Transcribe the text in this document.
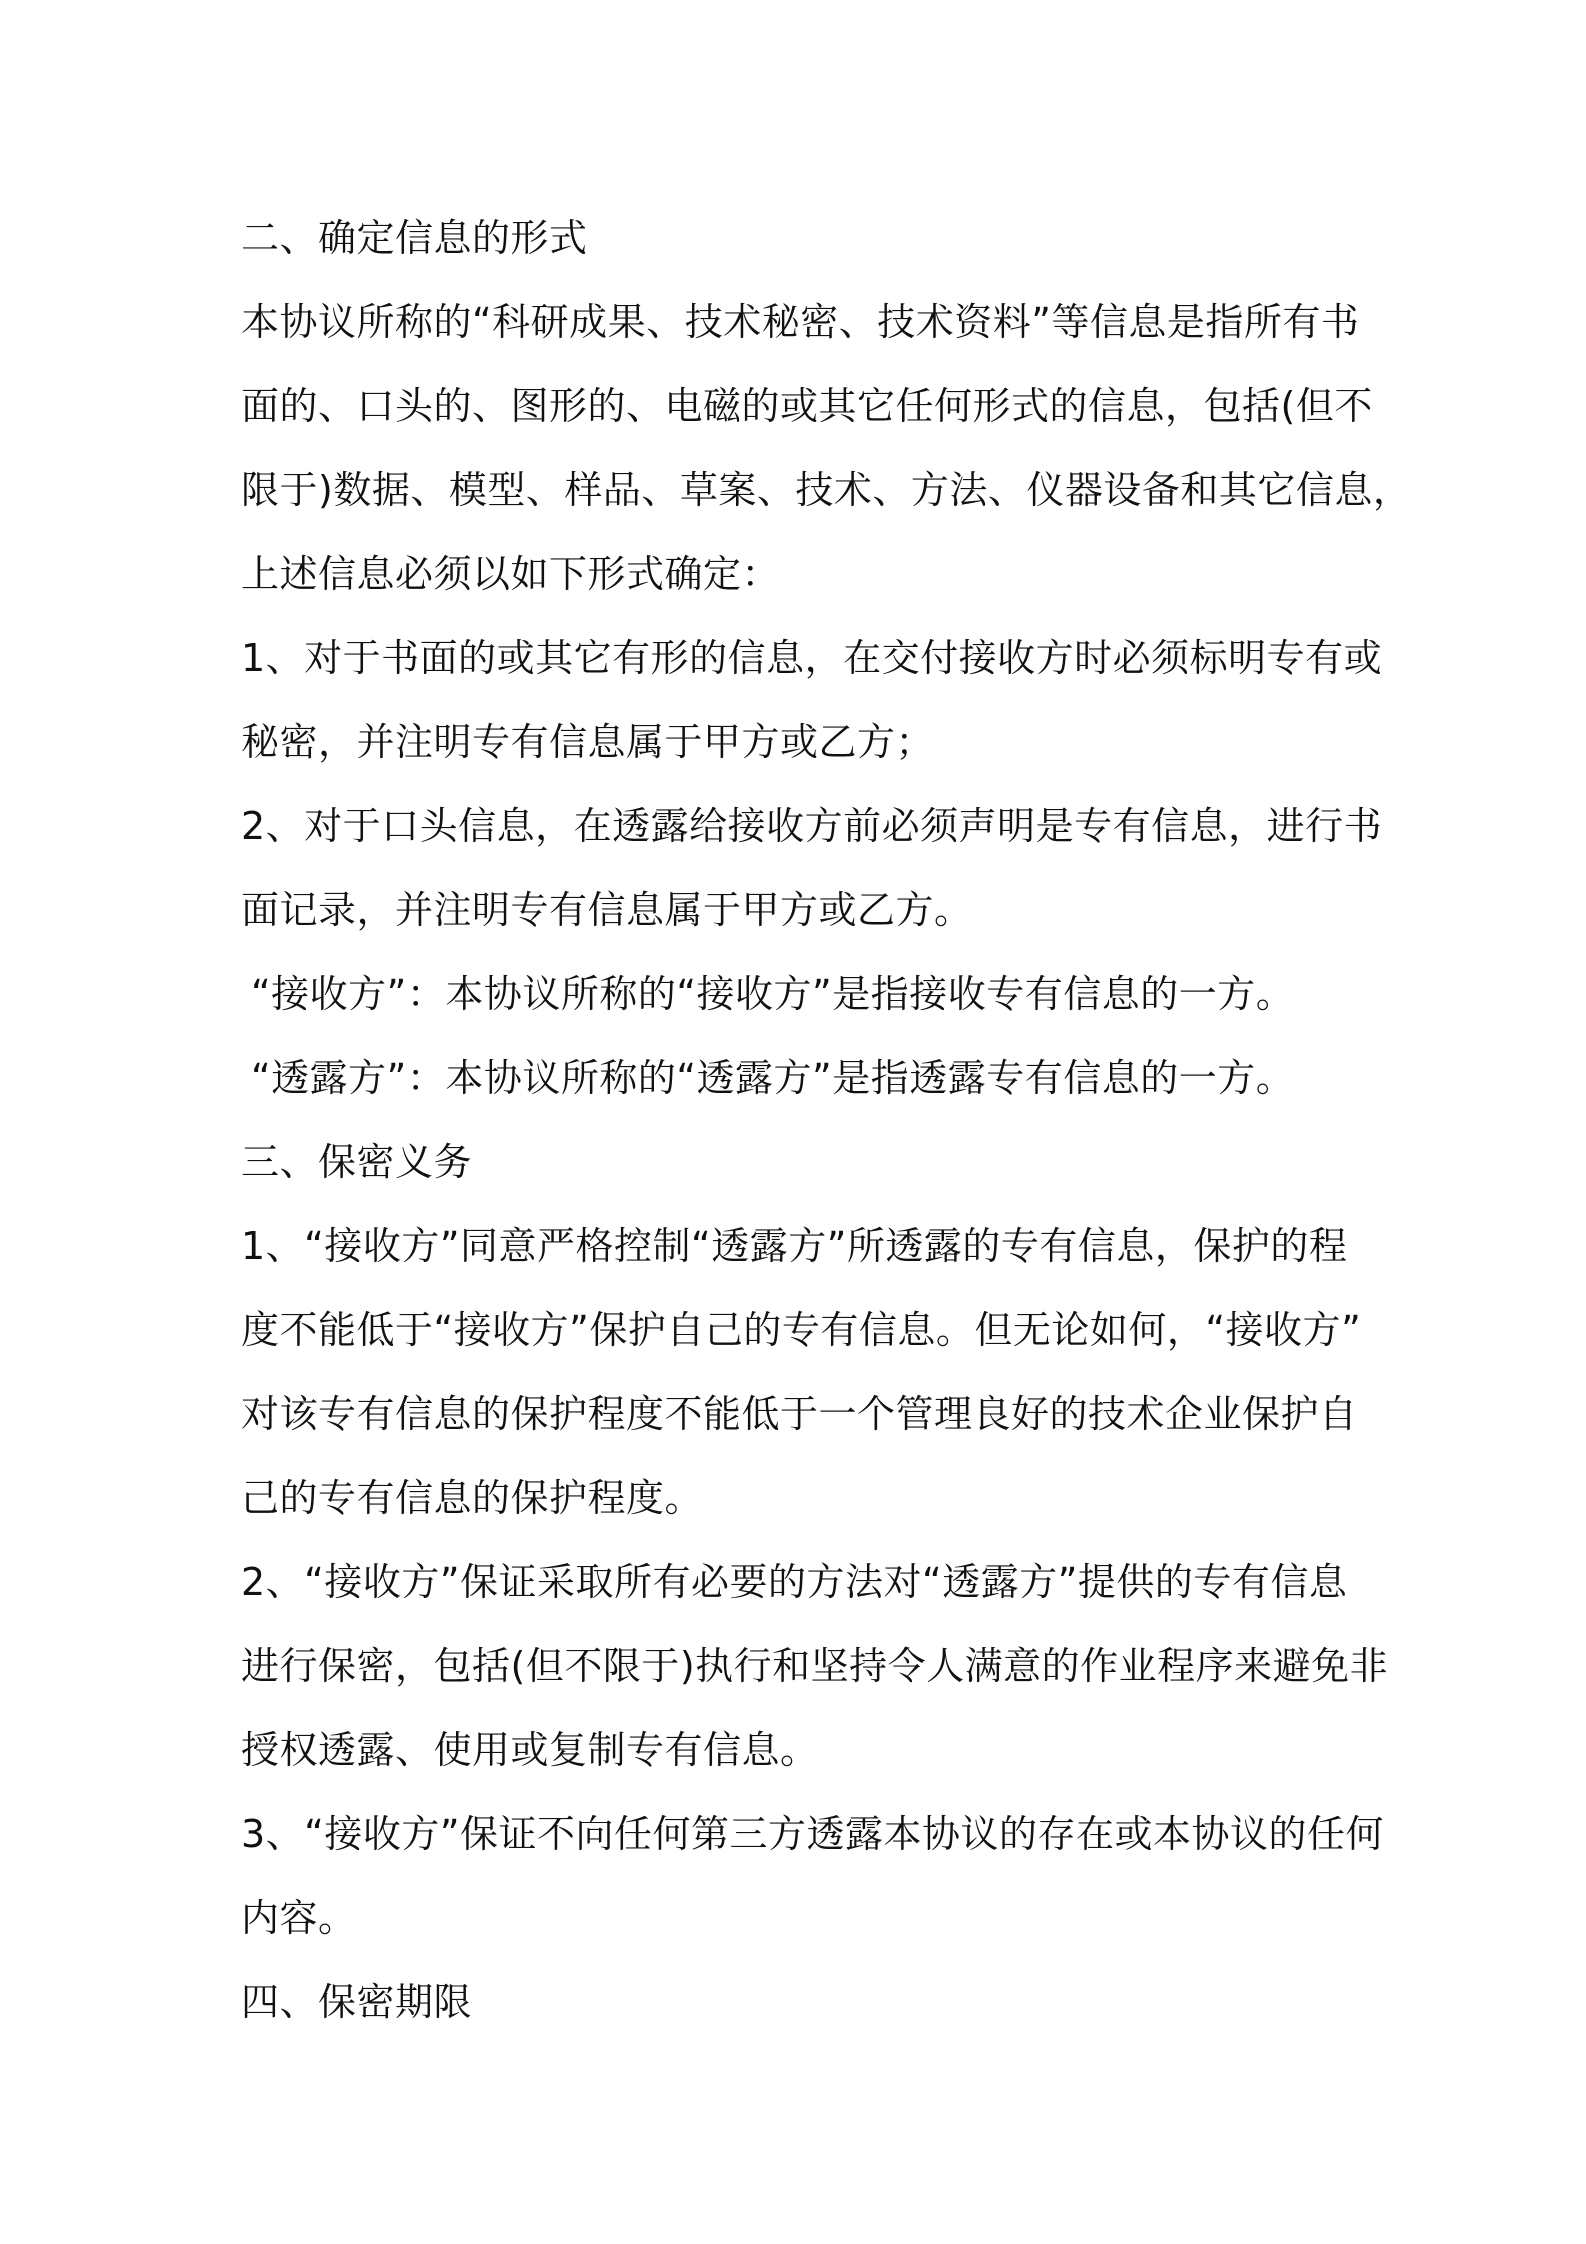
二、确定信息的形式
本协议所称的“科研成果、技术秘密、技术资料”等信息是指所有书
面的、口头的、图形的、电磁的或其它任何形式的信息，包括(但不
限于)数据、模型、样品、草案、技术、方法、仪器设备和其它信息，
上述信息必须以如下形式确定：
1、对于书面的或其它有形的信息，在交付接收方时必须标明专有或
秘密，并注明专有信息属于甲方或乙方；
2、对于口头信息，在透露给接收方前必须声明是专有信息，进行书
面记录，并注明专有信息属于甲方或乙方。
“接收方”：本协议所称的“接收方”是指接收专有信息的一方。
“透露方”：本协议所称的“透露方”是指透露专有信息的一方。
三、保密义务
1、“接收方”同意严格控制“透露方”所透露的专有信息，保护的程
度不能低于“接收方”保护自己的专有信息。但无论如何，“接收方”
对该专有信息的保护程度不能低于一个管理良好的技术企业保护自
己的专有信息的保护程度。
2、“接收方”保证采取所有必要的方法对“透露方”提供的专有信息
进行保密，包括(但不限于)执行和坚持令人满意的作业程序来避免非
授权透露、使用或复制专有信息。
3、“接收方”保证不向任何第三方透露本协议的存在或本协议的任何
内容。
四、保密期限
